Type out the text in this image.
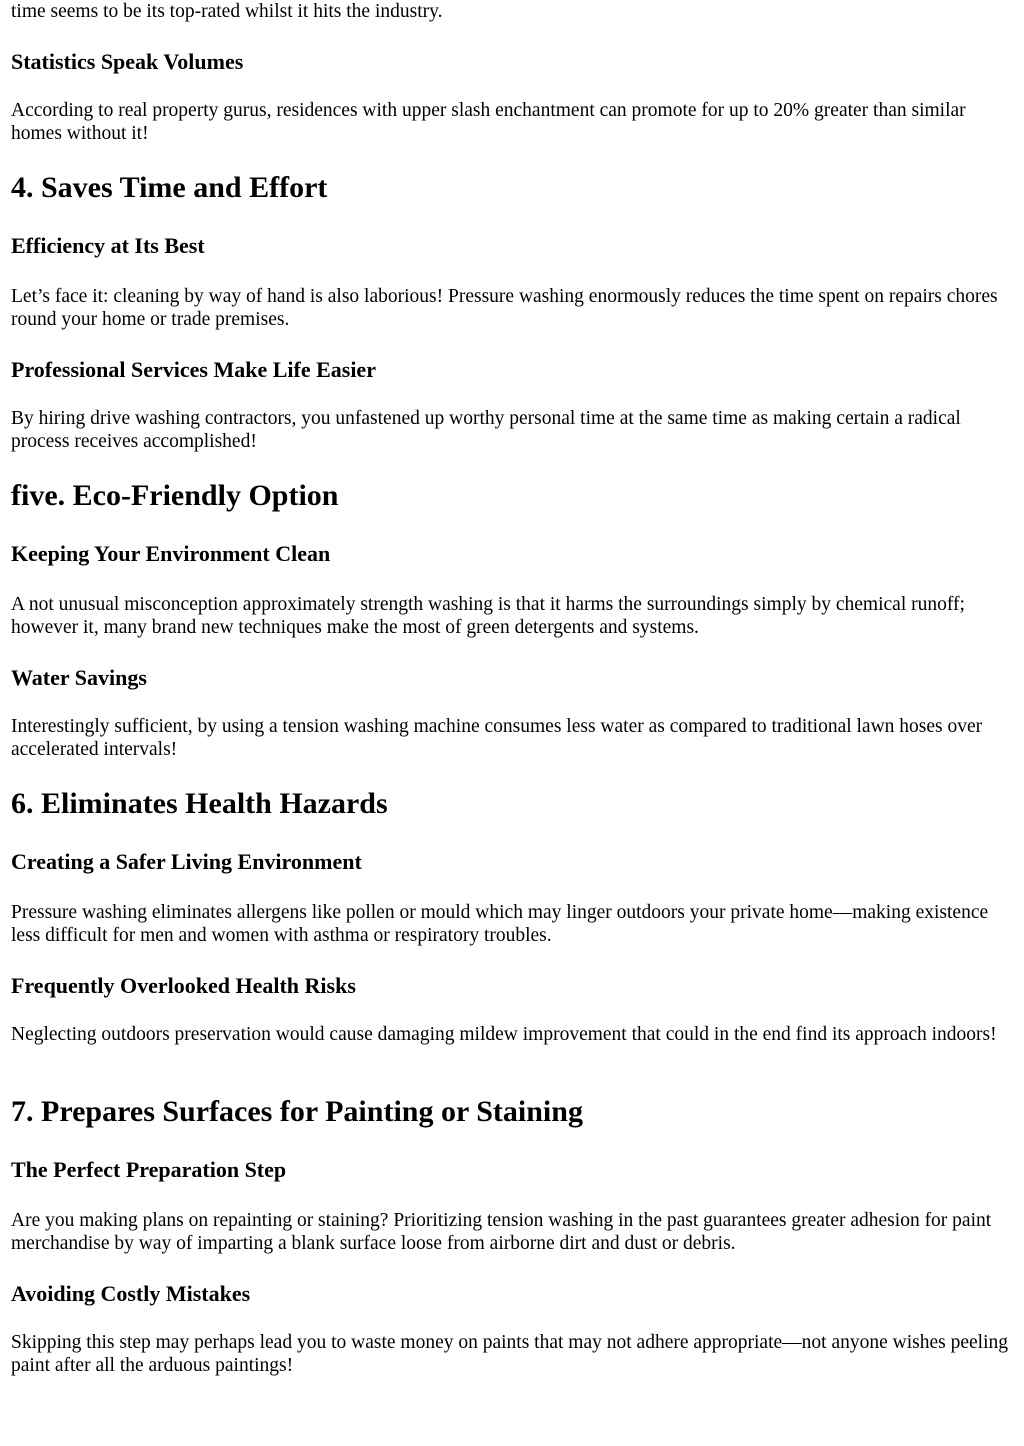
time seems to be its top-rated whilst it hits the industry.

Statistics Speak Volumes

According to real property gurus, residences with upper slash enchantment can promote for up to 20% greater than similar homes without it!

4. Saves Time and Effort
Efficiency at Its Best

Let’s face it: cleaning by way of hand is also laborious! Pressure washing enormously reduces the time spent on repairs chores round your home or trade premises.

Professional Services Make Life Easier

By hiring drive washing contractors, you unfastened up worthy personal time at the same time as making certain a radical process receives accomplished!

five. Eco-Friendly Option
Keeping Your Environment Clean

A not unusual misconception approximately strength washing is that it harms the surroundings simply by chemical runoff; however it, many brand new techniques make the most of green detergents and systems.

Water Savings

Interestingly sufficient, by using a tension washing machine consumes less water as compared to traditional lawn hoses over accelerated intervals!

6. Eliminates Health Hazards
Creating a Safer Living Environment

Pressure washing eliminates allergens like pollen or mould which may linger outdoors your private home—making existence less difficult for men and women with asthma or respiratory troubles.

Frequently Overlooked Health Risks

Neglecting outdoors preservation would cause damaging mildew improvement that could in the end find its approach indoors!

7. Prepares Surfaces for Painting or Staining
The Perfect Preparation Step

Are you making plans on repainting or staining? Prioritizing tension washing in the past guarantees greater adhesion for paint merchandise by way of imparting a blank surface loose from airborne dirt and dust or debris.

Avoiding Costly Mistakes

Skipping this step may perhaps lead you to waste money on paints that may not adhere appropriate—not anyone wishes peeling paint after all the arduous paintings!
